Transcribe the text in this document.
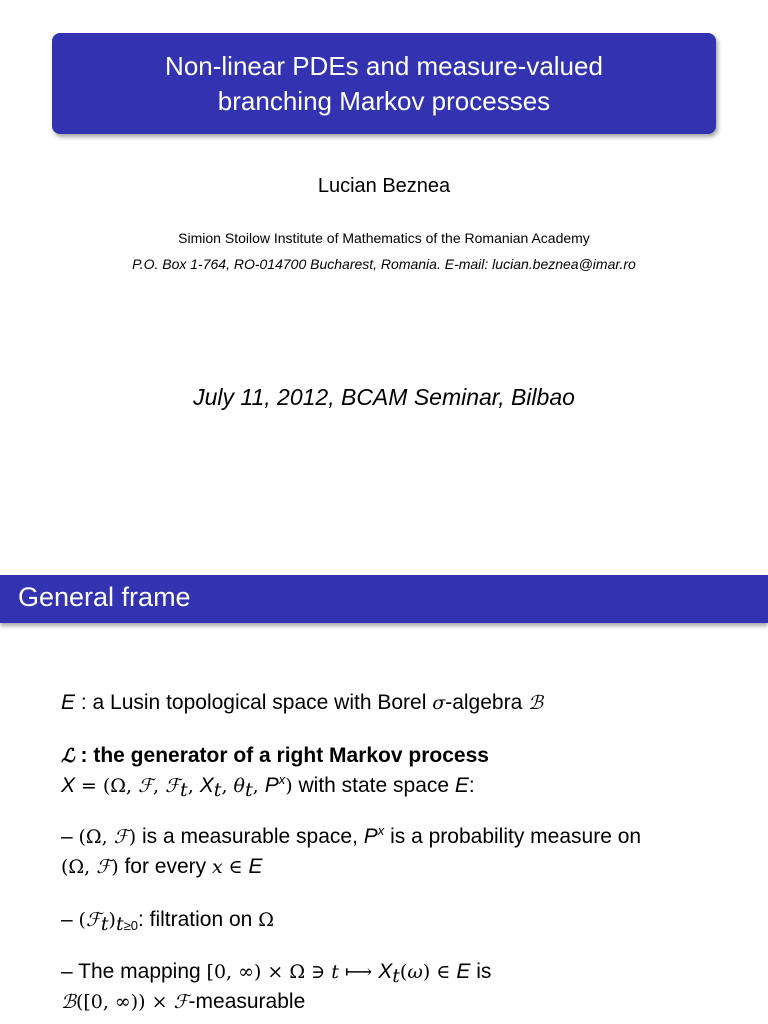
Non-linear PDEs and measure-valued
branching Markov processes
Lucian Beznea
Simion Stoilow Institute of Mathematics of the Romanian Academy
P.O. Box 1-764, RO-014700 Bucharest, Romania. E-mail: lucian.beznea@imar.ro
July 11, 2012, BCAM Seminar, Bilbao
General frame
E : a Lusin topological space with Borel σ-algebra ℬ
ℒ : the generator of a right Markov process
X = (Ω, ℱ, ℱ$_t$, $X_t$, $\theta_t$, $P^x$) with state space E:
– (Ω, ℱ) is a measurable space, $P^x$ is a probability measure on
(Ω, ℱ) for every x ∈ E
– $(ℱ_t)_{t\ge 0}$: filtration on Ω
– The mapping [0, ∞) × Ω ∋ t ⟼ $X_t(\omega)$ ∈ E is
ℬ([0, ∞)) × ℱ-measurable
